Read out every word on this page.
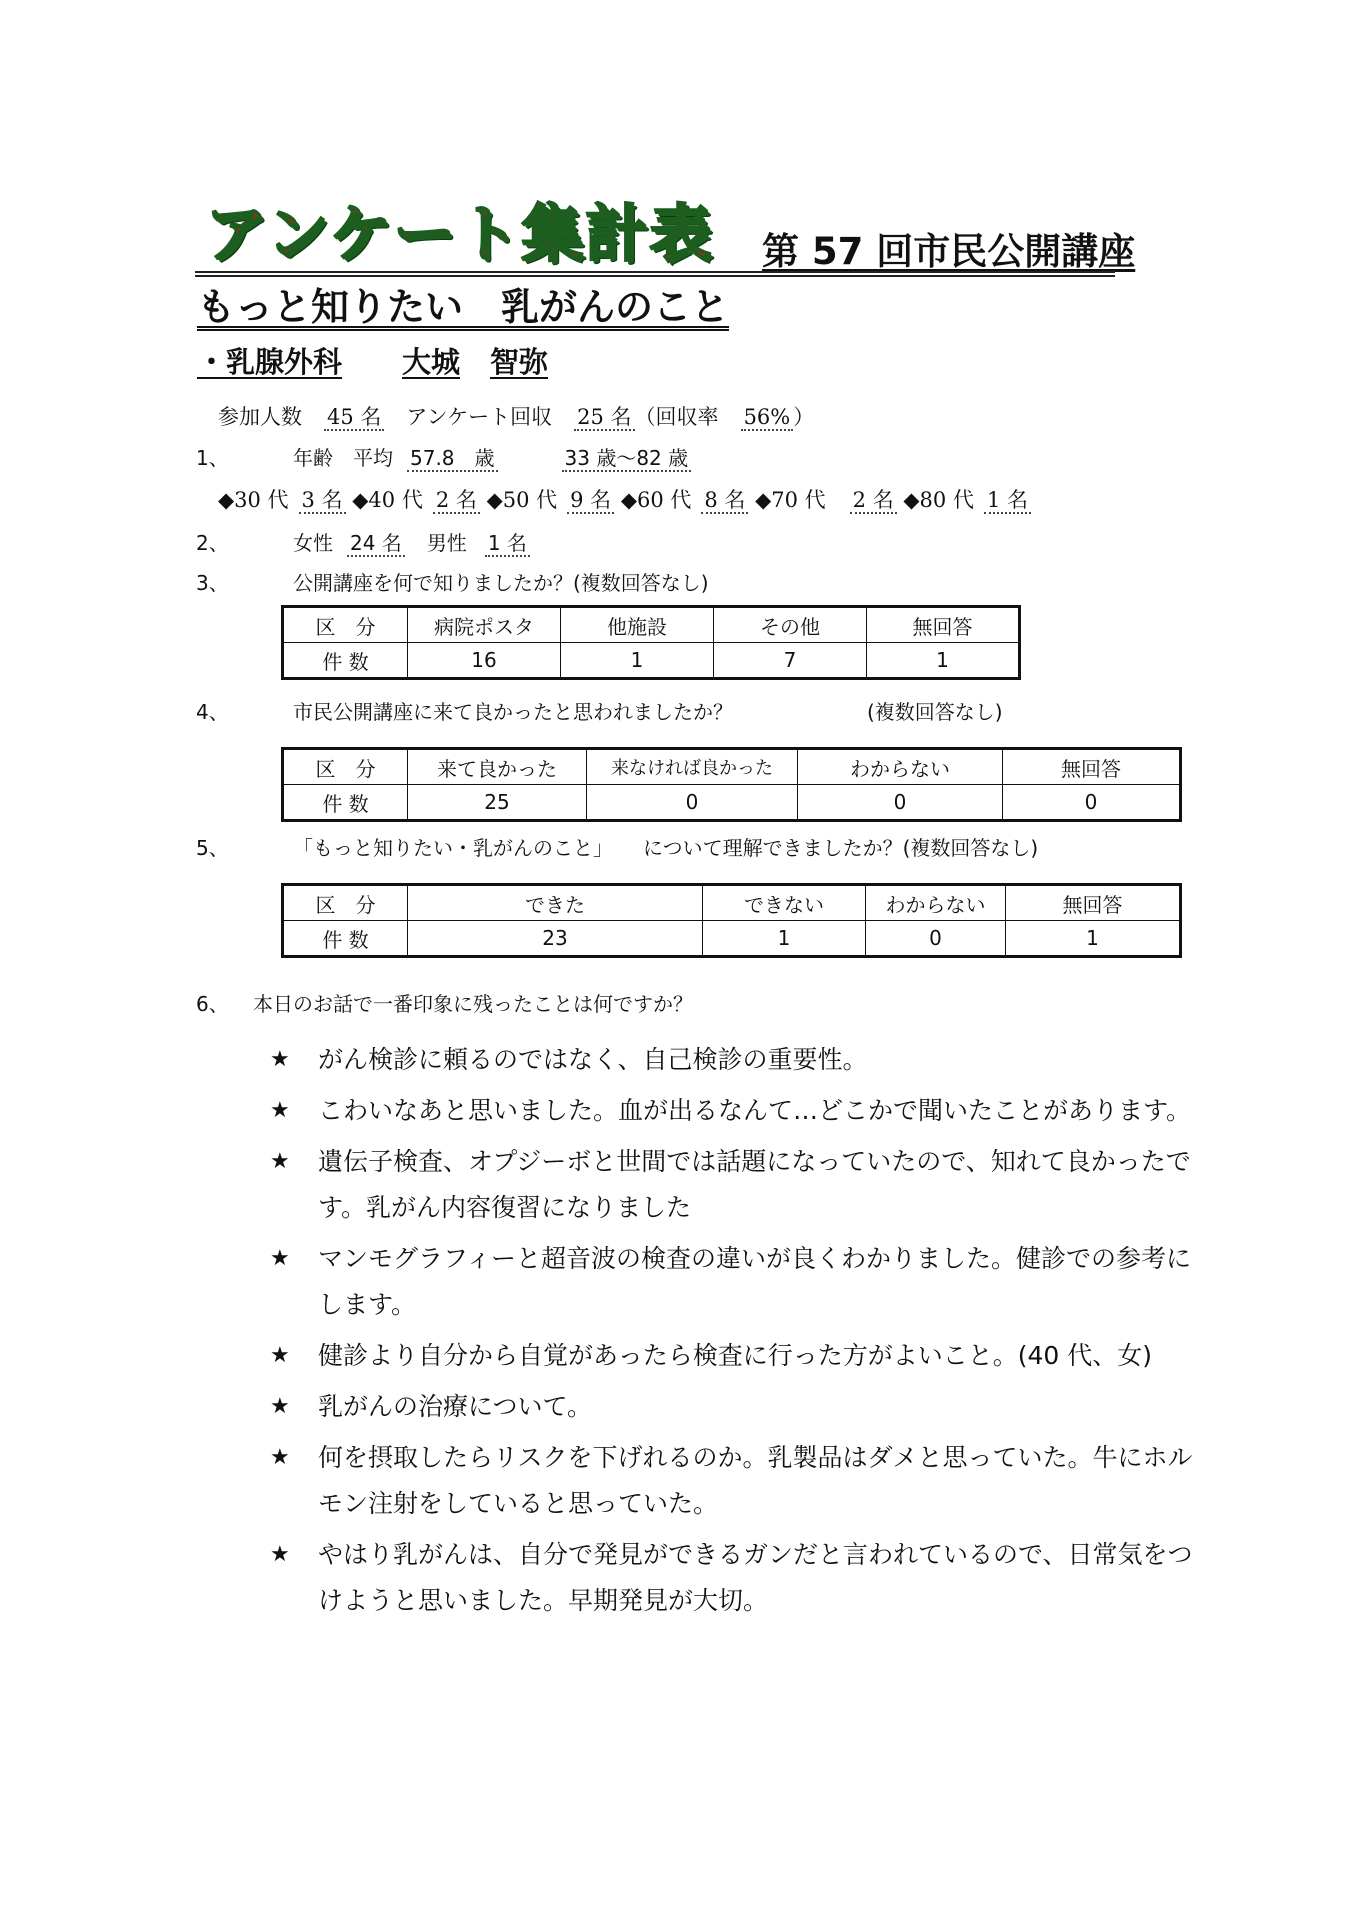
アンケート集計表 第 57 回市民公開講座
もっと知りたい　乳がんのこと
・乳腺外科 大城 智弥
参加人数 45 名 アンケート回収 25 名 （回収率 56% ）
1、	年齢　平均 57.8　歳	33 歳～82 歳
◆30 代 3 名 ◆40 代 2 名 ◆50 代 9 名 ◆60 代 8 名 ◆70 代 2 名 ◆80 代 1 名
2、	女性 24 名 男性 1 名
3、	公開講座を何で知りましたか？(複数回答なし)
区　分	病院ポスタ	他施設	その他	無回答
件 数	16	1	7	1
4、	市民公開講座に来て良かったと思われましたか？	(複数回答なし)
区　分	来て良かった	来なければ良かった	わからない	無回答
件 数	25	0	0	0
5、	「もっと知りたい・乳がんのこと」 について理解できましたか？(複数回答なし)
区　分	できた	できない	わからない	無回答
件 数	23	1	0	1
6、 本日のお話で一番印象に残ったことは何ですか？
★ がん検診に頼るのではなく、自己検診の重要性。
★ こわいなあと思いました。血が出るなんて…どこかで聞いたことがあります。
★ 遺伝子検査、オプジーボと世間では話題になっていたので、知れて良かったです。乳がん内容復習になりました
★ マンモグラフィーと超音波の検査の違いが良くわかりました。健診での参考にします。
★ 健診より自分から自覚があったら検査に行った方がよいこと。(40 代、女)
★ 乳がんの治療について。
★ 何を摂取したらリスクを下げれるのか。乳製品はダメと思っていた。牛にホルモン注射をしていると思っていた。
★ やはり乳がんは、自分で発見ができるガンだと言われているので、日常気をつけようと思いました。早期発見が大切。
